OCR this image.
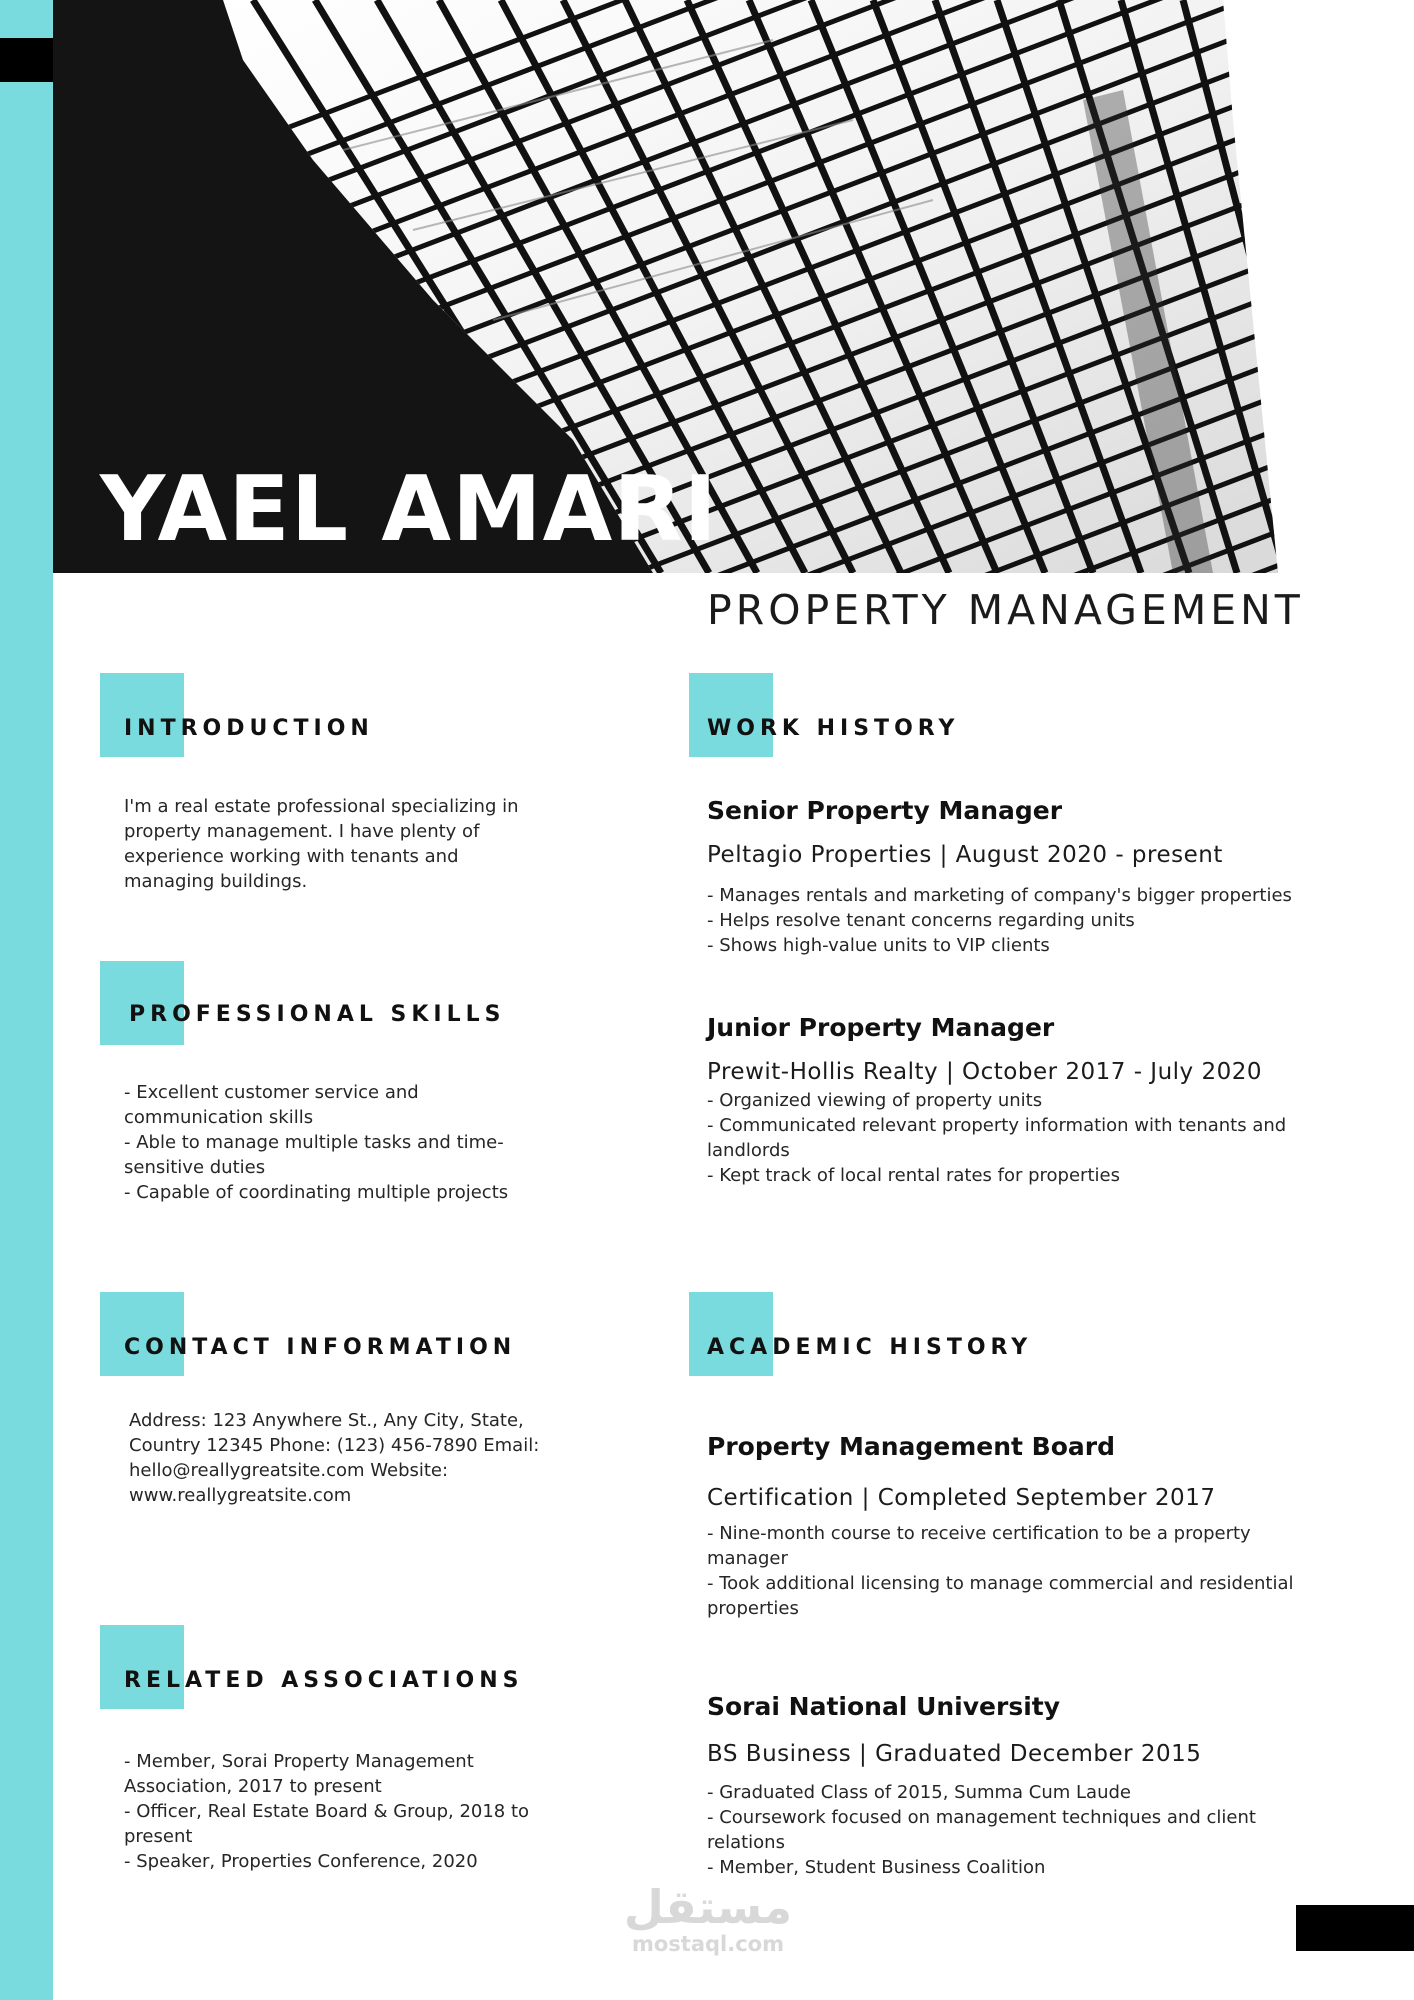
YAEL AMARI
PROPERTY MANAGEMENT
INTRODUCTION
I'm a real estate professional specializing in
property management. I have plenty of
experience working with tenants and
managing buildings.
PROFESSIONAL SKILLS
- Excellent customer service and
communication skills
- Able to manage multiple tasks and time-
sensitive duties
- Capable of coordinating multiple projects
CONTACT INFORMATION
Address: 123 Anywhere St., Any City, State,
Country 12345 Phone: (123) 456-7890 Email:
hello@reallygreatsite.com Website:
www.reallygreatsite.com
RELATED ASSOCIATIONS
- Member, Sorai Property Management
Association, 2017 to present
- Officer, Real Estate Board & Group, 2018 to
present
- Speaker, Properties Conference, 2020
WORK HISTORY
Senior Property Manager
Peltagio Properties | August 2020 - present
- Manages rentals and marketing of company's bigger properties
- Helps resolve tenant concerns regarding units
- Shows high-value units to VIP clients
Junior Property Manager
Prewit-Hollis Realty | October 2017 - July 2020
- Organized viewing of property units
- Communicated relevant property information with tenants and
landlords
- Kept track of local rental rates for properties
ACADEMIC HISTORY
Property Management Board
Certification | Completed September 2017
- Nine-month course to receive certification to be a property
manager
- Took additional licensing to manage commercial and residential
properties
Sorai National University
BS Business | Graduated December 2015
- Graduated Class of 2015, Summa Cum Laude
- Coursework focused on management techniques and client
relations
- Member, Student Business Coalition
مستقل
mostaql.com
